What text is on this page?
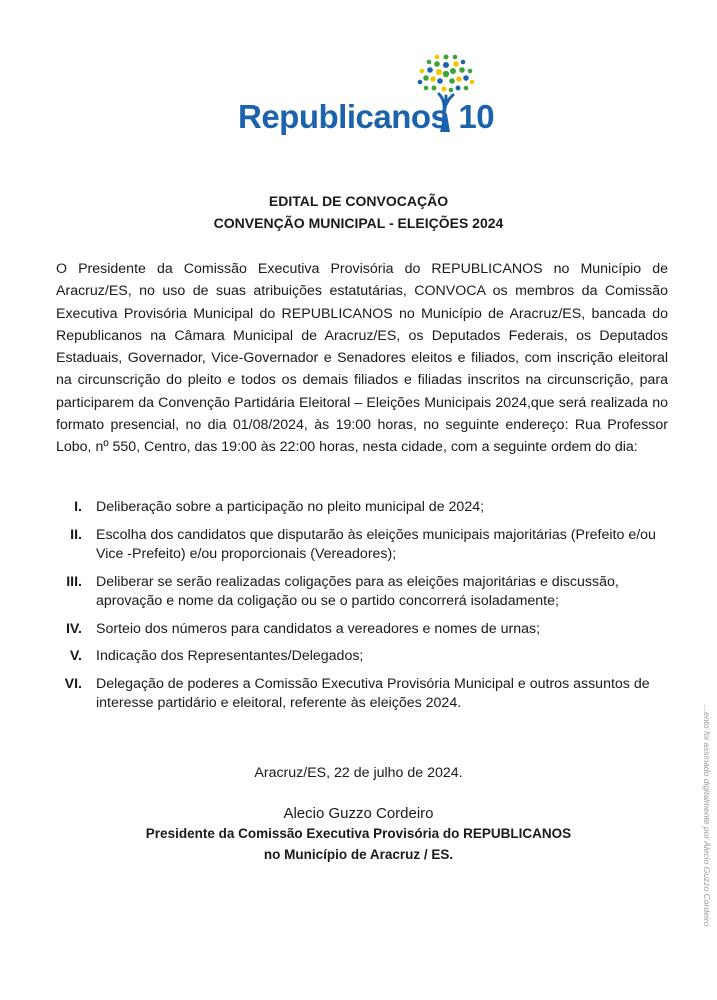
Republicanos 10
EDITAL DE CONVOCAÇÃO
CONVENÇÃO MUNICIPAL - ELEIÇÕES 2024

O Presidente da Comissão Executiva Provisória do REPUBLICANOS no Município de Aracruz/ES, no uso de suas atribuições estatutárias, CONVOCA os membros da Comissão Executiva Provisória Municipal do REPUBLICANOS no Município de Aracruz/ES, bancada do Republicanos na Câmara Municipal de Aracruz/ES, os Deputados Federais, os Deputados Estaduais, Governador, Vice-Governador e Senadores eleitos e filiados, com inscrição eleitoral na circunscrição do pleito e todos os demais filiados e filiadas inscritos na circunscrição, para participarem da Convenção Partidária Eleitoral – Eleições Municipais 2024,que será realizada no formato presencial, no dia 01/08/2024, às 19:00 horas, no seguinte endereço: Rua Professor Lobo, nº 550, Centro, das 19:00 às 22:00 horas, nesta cidade, com a seguinte ordem do dia:

I. Deliberação sobre a participação no pleito municipal de 2024;
II. Escolha dos candidatos que disputarão às eleições municipais majoritárias (Prefeito e/ou Vice -Prefeito) e/ou proporcionais (Vereadores);
III. Deliberar se serão realizadas coligações para as eleições majoritárias e discussão, aprovação e nome da coligação ou se o partido concorrerá isoladamente;
IV. Sorteio dos números para candidatos a vereadores e nomes de urnas;
V. Indicação dos Representantes/Delegados;
VI. Delegação de poderes a Comissão Executiva Provisória Municipal e outros assuntos de interesse partidário e eleitoral, referente às eleições 2024.
Aracruz/ES, 22 de julho de 2024.
Alecio Guzzo Cordeiro
Presidente da Comissão Executiva Provisória do REPUBLICANOS
no Município de Aracruz / ES.	...ento foi assinado digitalmente por Alecio Guzzo Cordeiro
